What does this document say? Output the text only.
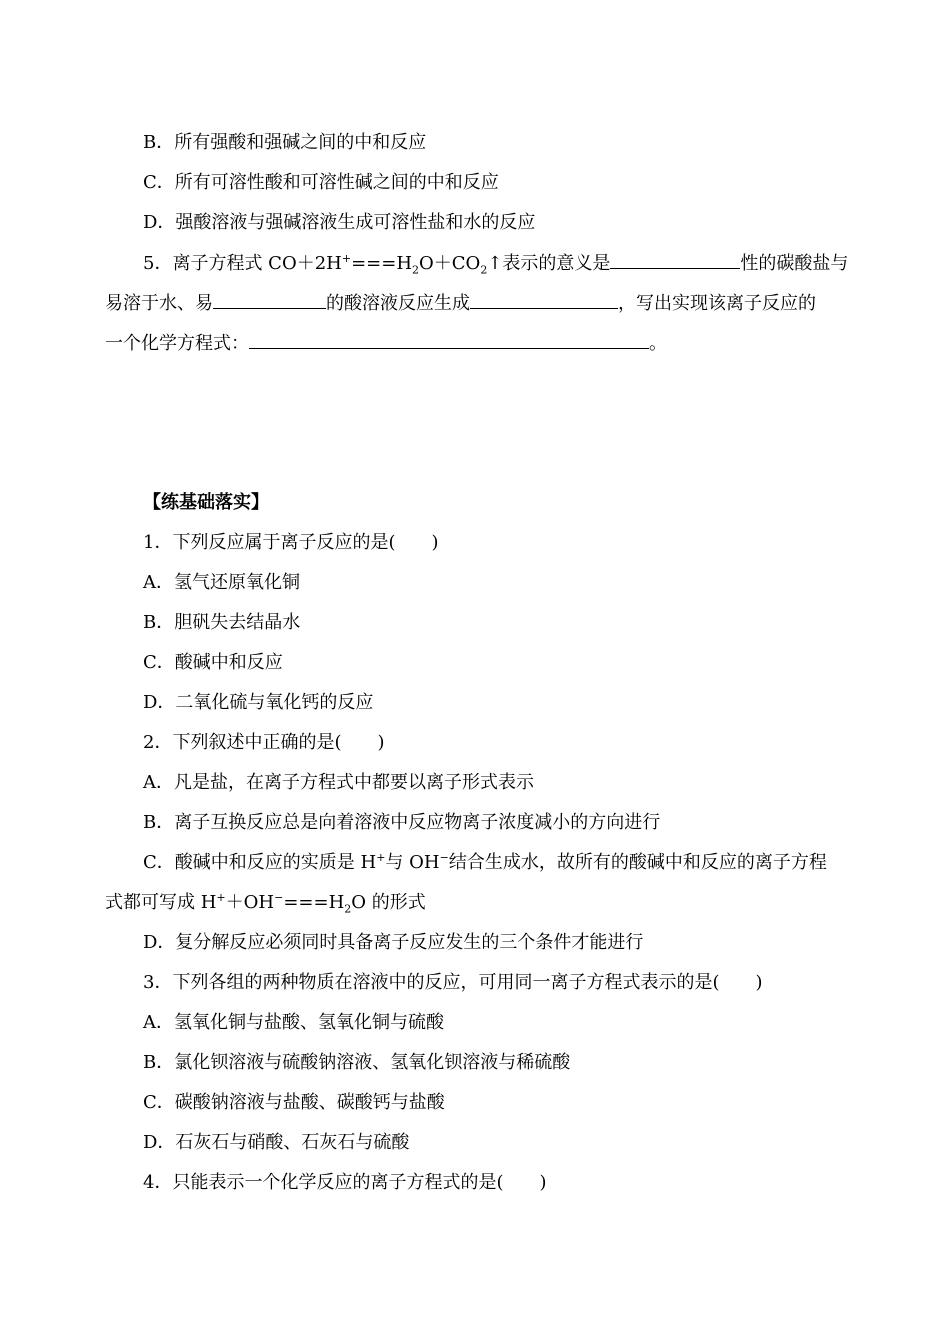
B．所有强酸和强碱之间的中和反应
C．所有可溶性酸和可溶性碱之间的中和反应
D．强酸溶液与强碱溶液生成可溶性盐和水的反应
5．离子方程式 $CO+2H^+===H_2O+CO_2↑$表示的意义是	性的碳酸盐与
易溶于水、易	的酸溶液反应生成	，写出实现该离子反应的
一个化学方程式：	。
【练基础落实】
1．下列反应属于离子反应的是(　　)
A．氢气还原氧化铜
B．胆矾失去结晶水
C．酸碱中和反应
D．二氧化硫与氧化钙的反应
2．下列叙述中正确的是(　　)
A．凡是盐，在离子方程式中都要以离子形式表示
B．离子互换反应总是向着溶液中反应物离子浓度减小的方向进行
C．酸碱中和反应的实质是 H+与 OH−结合生成水，故所有的酸碱中和反应的离子方程
式都可写成 $H^++OH^-===H_2O$ 的形式
D．复分解反应必须同时具备离子反应发生的三个条件才能进行
3．下列各组的两种物质在溶液中的反应，可用同一离子方程式表示的是(　　)
A．氢氧化铜与盐酸、氢氧化铜与硫酸
B．氯化钡溶液与硫酸钠溶液、氢氧化钡溶液与稀硫酸
C．碳酸钠溶液与盐酸、碳酸钙与盐酸
D．石灰石与硝酸、石灰石与硫酸
4．只能表示一个化学反应的离子方程式的是(　　)
